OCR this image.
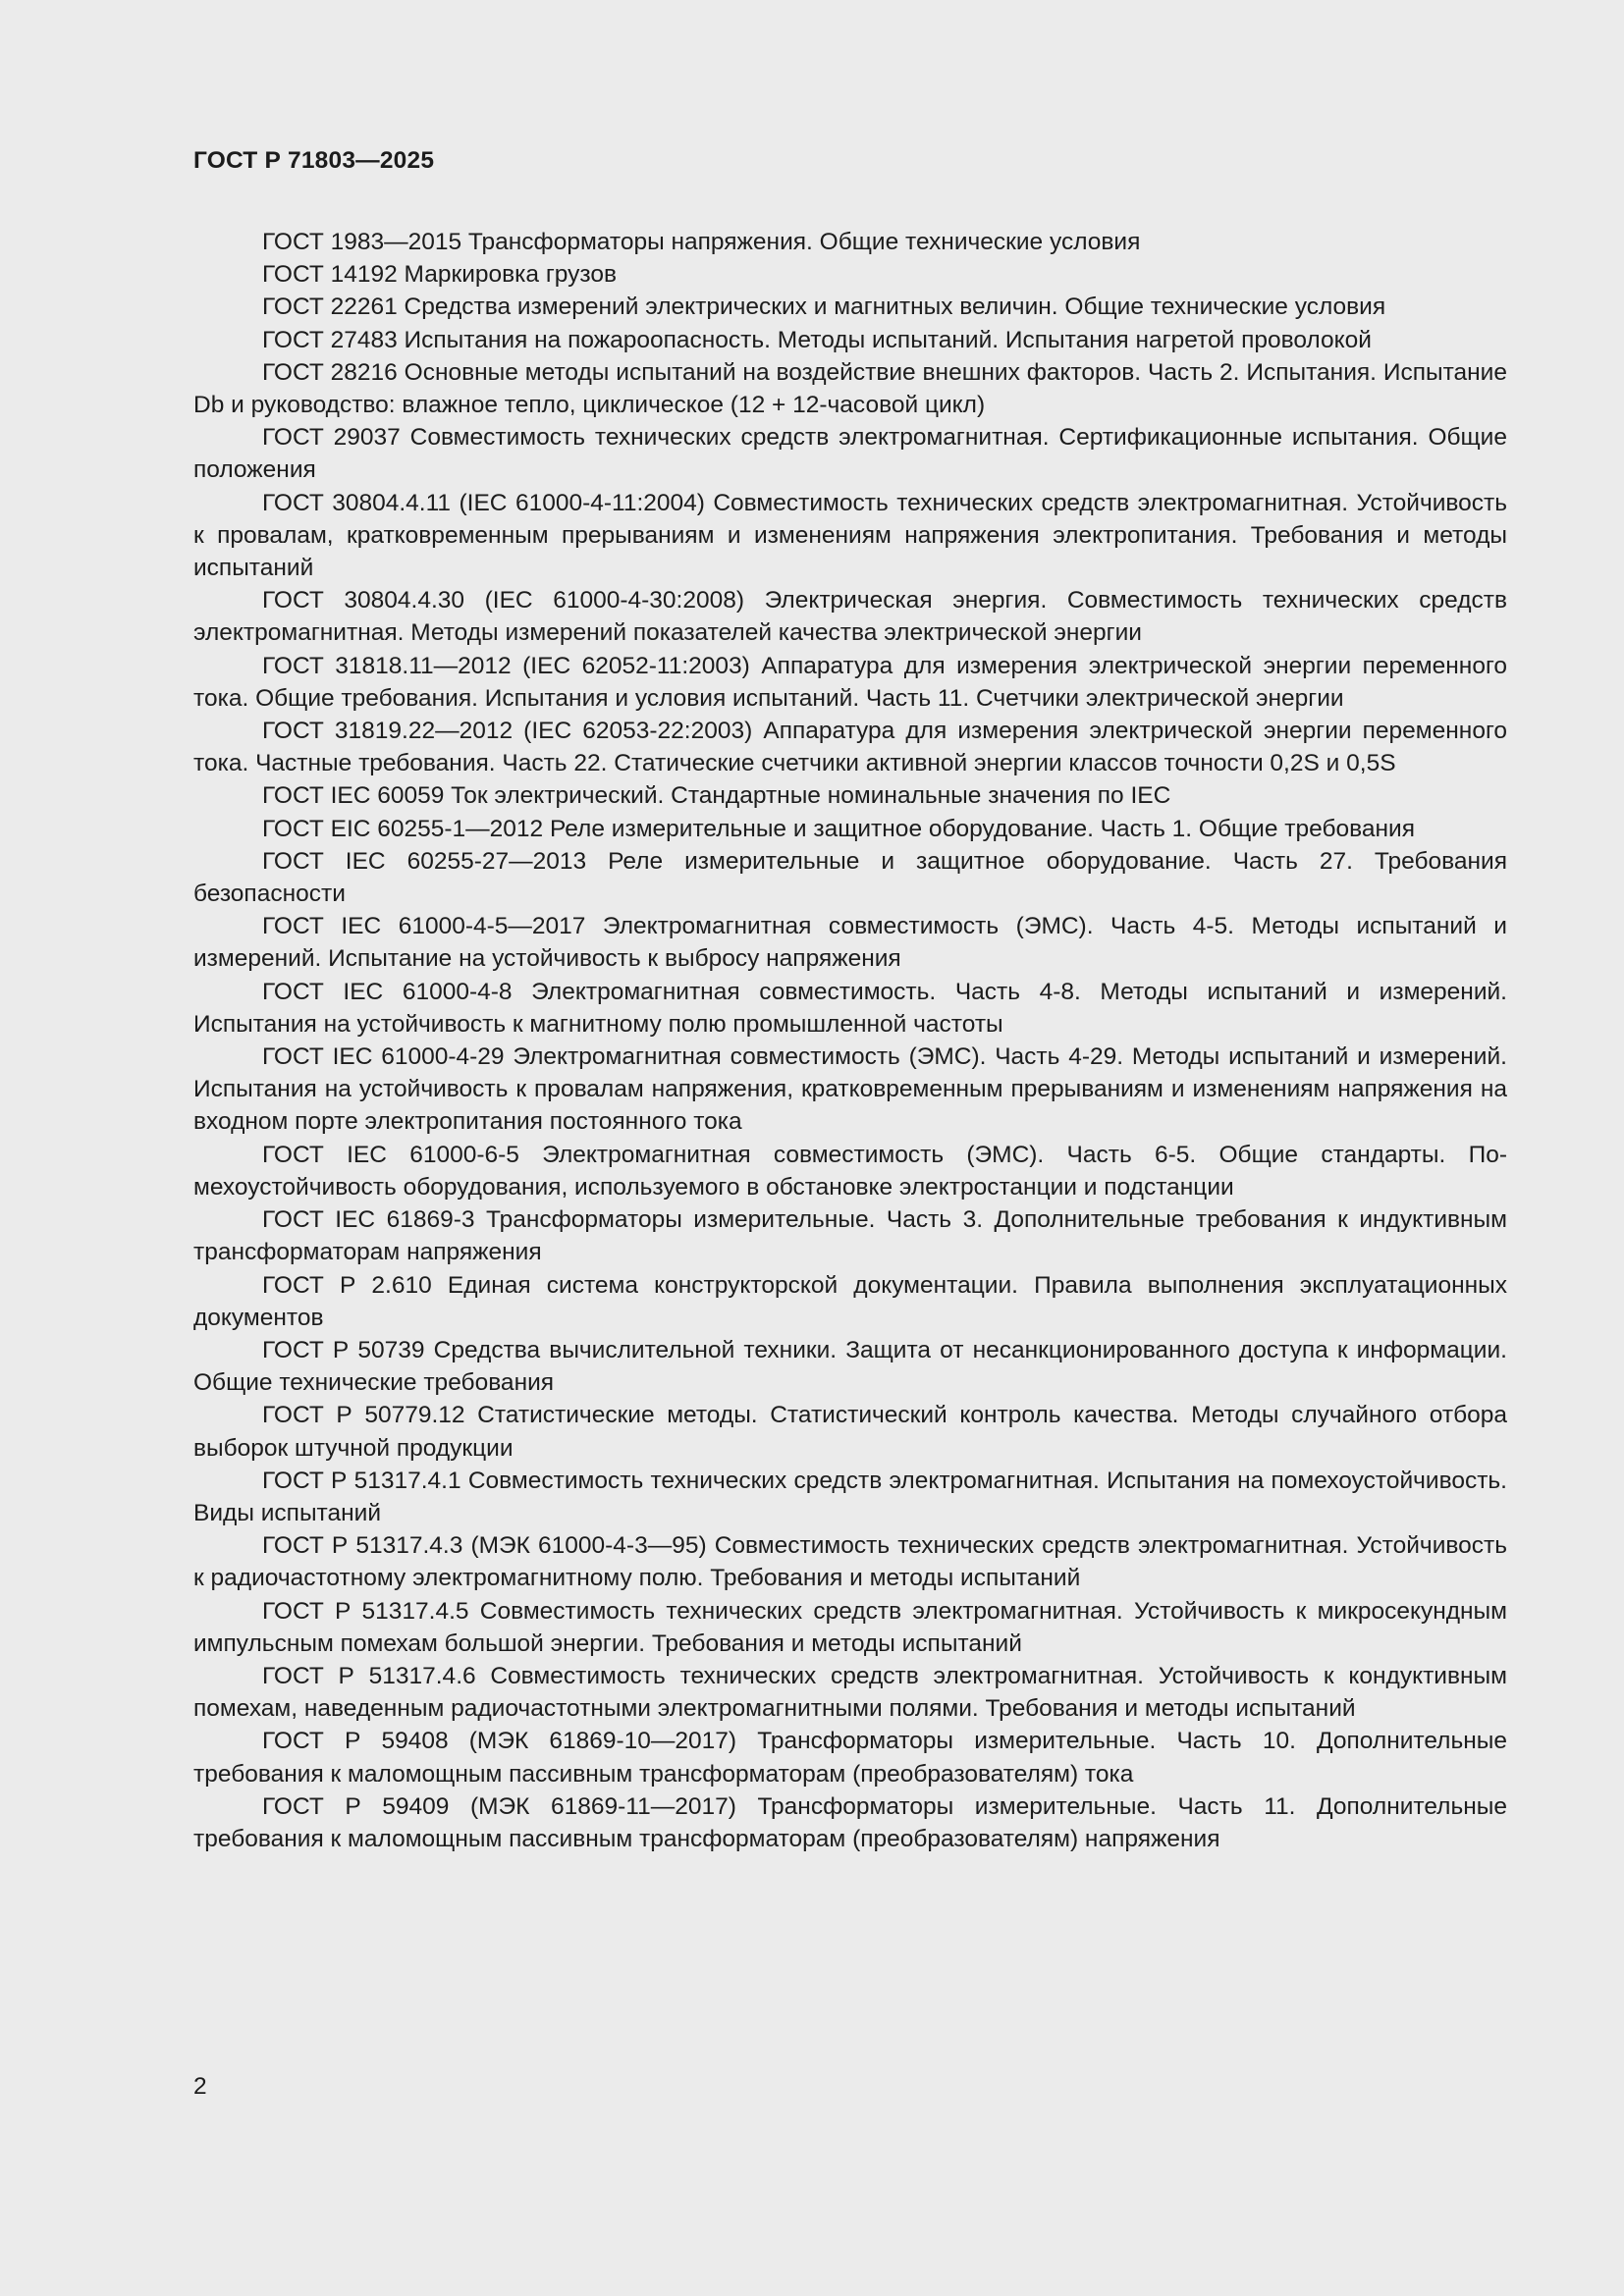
ГОСТ Р 71803—2025

ГОСТ 1983—2015 Трансформаторы напряжения. Общие технические условия

ГОСТ 14192 Маркировка грузов

ГОСТ 22261 Средства измерений электрических и магнитных величин. Общие технические условия

ГОСТ 27483 Испытания на пожароопасность. Методы испытаний. Испытания нагретой проволокой

ГОСТ 28216 Основные методы испытаний на воздействие внешних факторов. Часть 2. Испытания. Испытание Db и руководство: влажное тепло, циклическое (12 + 12-часовой цикл)

ГОСТ 29037 Совместимость технических средств электромагнитная. Сертификационные испытания. Общие положения

ГОСТ 30804.4.11 (IEC 61000-4-11:2004) Совместимость технических средств электромагнитная. Устойчивость к провалам, кратковременным прерываниям и изменениям напряжения электропитания. Требования и методы испытаний

ГОСТ 30804.4.30 (IEC 61000-4-30:2008) Электрическая энергия. Совместимость технических средств электромагнитная. Методы измерений показателей качества электрической энергии

ГОСТ 31818.11—2012 (IEC 62052-11:2003) Аппаратура для измерения электрической энергии переменного тока. Общие требования. Испытания и условия испытаний. Часть 11. Счетчики электрической энергии

ГОСТ 31819.22—2012 (IEC 62053-22:2003) Аппаратура для измерения электрической энергии переменного тока. Частные требования. Часть 22. Статические счетчики активной энергии классов точности 0,2S и 0,5S

ГОСТ IEC 60059 Ток электрический. Стандартные номинальные значения по IEC

ГОСТ EIC 60255-1—2012 Реле измерительные и защитное оборудование. Часть 1. Общие требования

ГОСТ IEC 60255-27—2013 Реле измерительные и защитное оборудование. Часть 27. Требования безопасности

ГОСТ IEC 61000-4-5—2017 Электромагнитная совместимость (ЭМС). Часть 4-5. Методы испытаний и измерений. Испытание на устойчивость к выбросу напряжения

ГОСТ IEC 61000-4-8 Электромагнитная совместимость. Часть 4-8. Методы испытаний и измерений. Испытания на устойчивость к магнитному полю промышленной частоты

ГОСТ IEC 61000-4-29 Электромагнитная совместимость (ЭМС). Часть 4-29. Методы испытаний и измерений. Испытания на устойчивость к провалам напряжения, кратковременным прерываниям и изменениям напряжения на входном порте электропитания постоянного тока

ГОСТ IEC 61000-6-5 Электромагнитная совместимость (ЭМС). Часть 6-5. Общие стандарты. Помехоустойчивость оборудования, используемого в обстановке электростанции и подстанции

ГОСТ IEC 61869-3 Трансформаторы измерительные. Часть 3. Дополнительные требования к индуктивным трансформаторам напряжения

ГОСТ Р 2.610 Единая система конструкторской документации. Правила выполнения эксплуатационных документов

ГОСТ Р 50739 Средства вычислительной техники. Защита от несанкционированного доступа к информации. Общие технические требования

ГОСТ Р 50779.12 Статистические методы. Статистический контроль качества. Методы случайного отбора выборок штучной продукции

ГОСТ Р 51317.4.1 Совместимость технических средств электромагнитная. Испытания на помехоустойчивость. Виды испытаний

ГОСТ Р 51317.4.3 (МЭК 61000-4-3—95) Совместимость технических средств электромагнитная. Устойчивость к радиочастотному электромагнитному полю. Требования и методы испытаний

ГОСТ Р 51317.4.5 Совместимость технических средств электромагнитная. Устойчивость к микросекундным импульсным помехам большой энергии. Требования и методы испытаний

ГОСТ Р 51317.4.6 Совместимость технических средств электромагнитная. Устойчивость к кондуктивным помехам, наведенным радиочастотными электромагнитными полями. Требования и методы испытаний

ГОСТ Р 59408 (МЭК 61869-10—2017) Трансформаторы измерительные. Часть 10. Дополнительные требования к маломощным пассивным трансформаторам (преобразователям) тока

ГОСТ Р 59409 (МЭК 61869-11—2017) Трансформаторы измерительные. Часть 11. Дополнительные требования к маломощным пассивным трансформаторам (преобразователям) напряжения

2
